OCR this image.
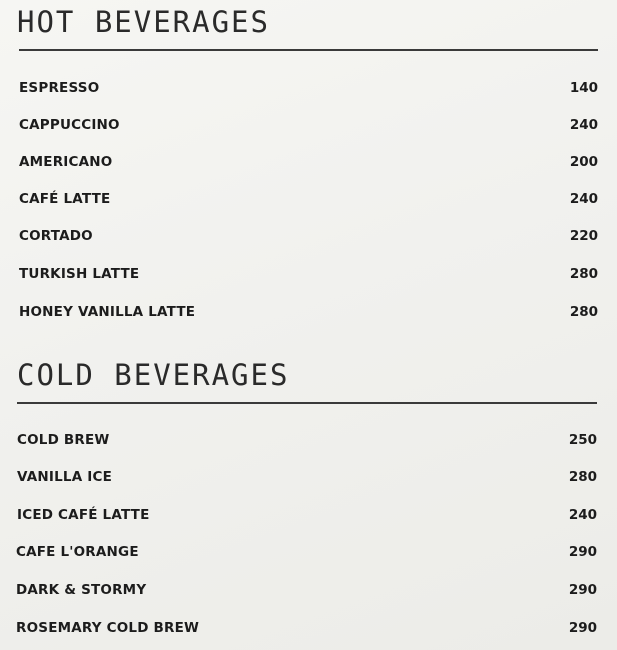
HOT BEVERAGES
ESPRESSO	140
CAPPUCCINO	240
AMERICANO	200
CAFÉ LATTE	240
CORTADO	220
TURKISH LATTE	280
HONEY VANILLA LATTE	280
COLD BEVERAGES
COLD BREW	250
VANILLA ICE	280
ICED CAFÉ LATTE	240
CAFE L'ORANGE	290
DARK & STORMY	290
ROSEMARY COLD BREW	290
